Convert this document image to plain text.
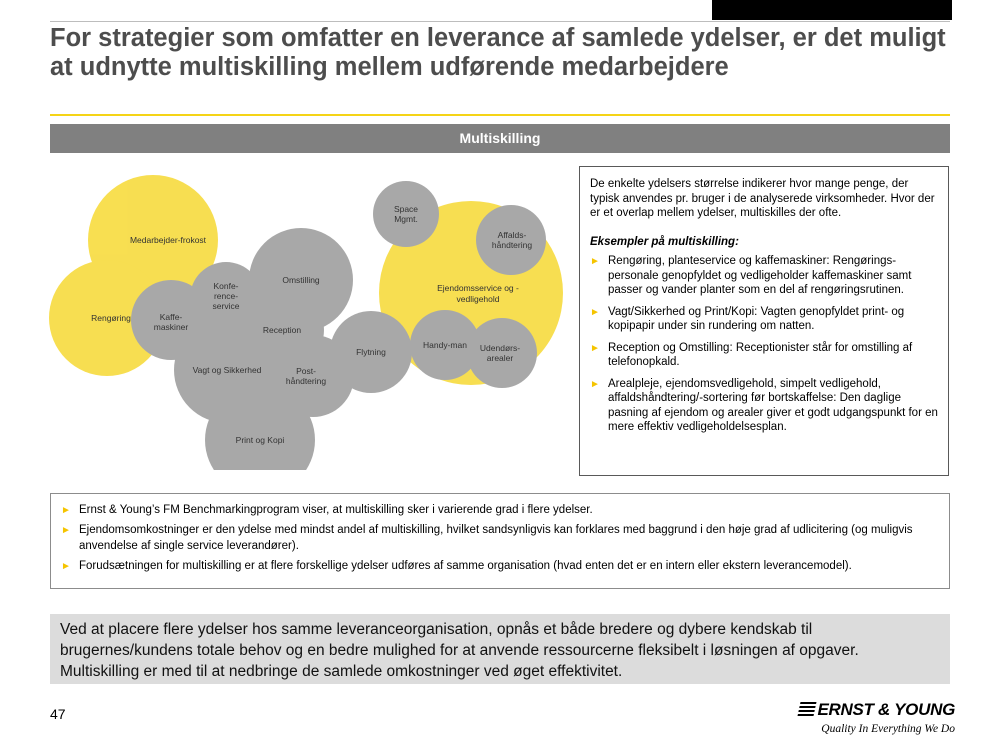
For strategier som omfatter en leverance af samlede ydelser, er det muligt at udnytte multiskilling mellem udførende medarbejdere
Multiskilling
Medarbejder-frokost
Rengøring
Ejendomsservice og -
vedligehold
Kaffe-
maskiner
Konfe-
rence-
service
Omstilling
Reception
Vagt og Sikkerhed	Post-
håndtering
Print og Kopi
Flytning
Space
Mgmt.
Affalds-
håndtering
Handy-man Udendørs-
arealer

De enkelte ydelsers størrelse indikerer hvor mange penge, der typisk anvendes pr. bruger i de analyserede virksomheder. Hvor der er et overlap mellem ydelser, multiskilles der ofte.

Eksempler på multiskilling:
► Rengøring, planteservice og kaffemaskiner: Rengørings-personale genopfyldet og vedligeholder kaffemaskiner samt passer og vander planter som en del af rengøringsrutinen.
► Vagt/Sikkerhed og Print/Kopi: Vagten genopfyldet print- og kopipapir under sin rundering om natten.
► Reception og Omstilling: Receptionister står for omstilling af telefonopkald.
► Arealpleje, ejendomsvedligehold, simpelt vedligehold, affaldshåndtering/-sortering før bortskaffelse: Den daglige pasning af ejendom og arealer giver et godt udgangspunkt for en mere effektiv vedligeholdelsesplan.
► Ernst & Young’s FM Benchmarkingprogram viser, at multiskilling sker i varierende grad i flere ydelser.
► Ejendomsomkostninger er den ydelse med mindst andel af multiskilling, hvilket sandsynligvis kan forklares med baggrund i den høje grad af udlicitering (og muligvis anvendelse af single service leverandører).
► Forudsætningen for multiskilling er at flere forskellige ydelser udføres af samme organisation (hvad enten det er en intern eller ekstern leverancemodel).
Ved at placere flere ydelser hos samme leveranceorganisation, opnås et både bredere og dybere kendskab til brugernes/kundens totale behov og en bedre mulighed for at anvende ressourcerne fleksibelt i løsningen af opgaver. Multiskilling er med til at nedbringe de samlede omkostninger ved øget effektivitet.
47	ERNST & YOUNG
Quality In Everything We Do
